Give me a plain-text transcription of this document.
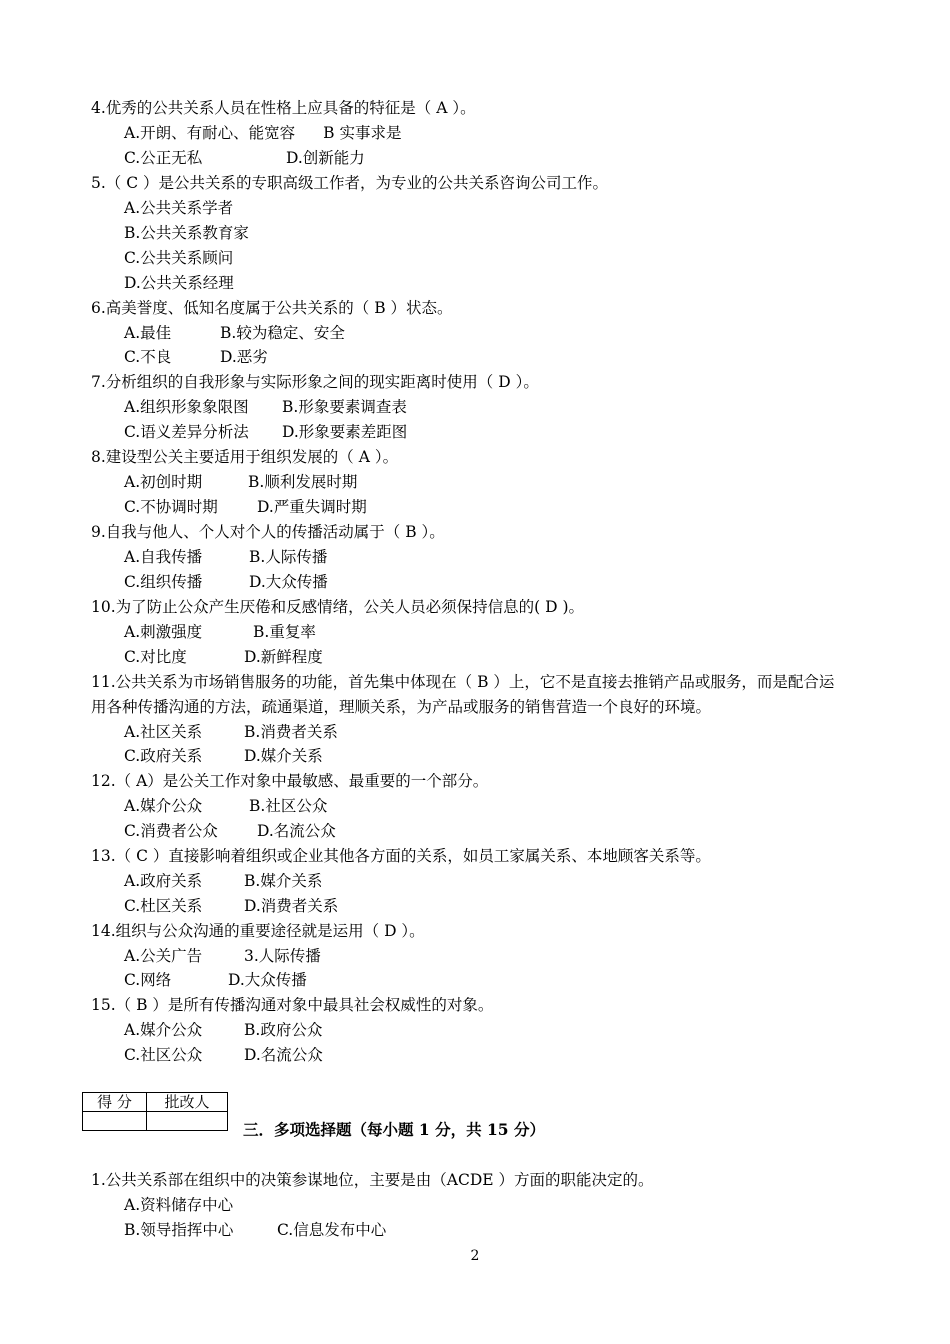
4.优秀的公共关系人员在性格上应具备的特征是（ A ）。
A.开朗、有耐心、能宽容 B 实事求是
C.公正无私	D.创新能力
5.（ C ）是公共关系的专职高级工作者，为专业的公共关系咨询公司工作。
A.公共关系学者
B.公共关系教育家
C.公共关系顾问
D.公共关系经理
6.高美誉度、低知名度属于公共关系的（ B ）状态。
A.最佳	B.较为稳定、安全
C.不良	D.恶劣
7.分析组织的自我形象与实际形象之间的现实距离时使用（ D ）。
A.组织形象象限图 B.形象要素调查表
C.语义差异分析法 D.形象要素差距图
8.建设型公关主要适用于组织发展的（ A ）。
A.初创时期	B.顺利发展时期
C.不协调时期	D.严重失调时期
9.自我与他人、个人对个人的传播活动属于（ B ）。
A.自我传播	B.人际传播
C.组织传播	D.大众传播
10.为了防止公众产生厌倦和反感情绪，公关人员必须保持信息的( D )。
A.刺激强度	B.重复率
C.对比度	D.新鲜程度
11.公共关系为市场销售服务的功能，首先集中体现在（ B ）上，它不是直接去推销产品或服务，而是配合运
用各种传播沟通的方法，疏通渠道，理顺关系，为产品或服务的销售营造一个良好的环境。
A.社区关系	B.消费者关系
C.政府关系	D.媒介关系
12.（ A）是公关工作对象中最敏感、最重要的一个部分。
A.媒介公众	B.社区公众
C.消费者公众	D.名流公众
13.（ C ）直接影响着组织或企业其他各方面的关系，如员工家属关系、本地顾客关系等。
A.政府关系	B.媒介关系
C.杜区关系	D.消费者关系
14.组织与公众沟通的重要途径就是运用（ D ）。
A.公关广告	3.人际传播
C.网络	D.大众传播
15.（ B ）是所有传播沟通对象中最具社会权威性的对象。
A.媒介公众	B.政府公众
C.社区公众	D.名流公众
得 分	批改人

三．多项选择题（每小题 1 分，共 15 分）
1.公共关系部在组织中的决策参谋地位，主要是由（ACDE ）方面的职能决定的。
A.资料储存中心
B.领导指挥中心	C.信息发布中心
2
